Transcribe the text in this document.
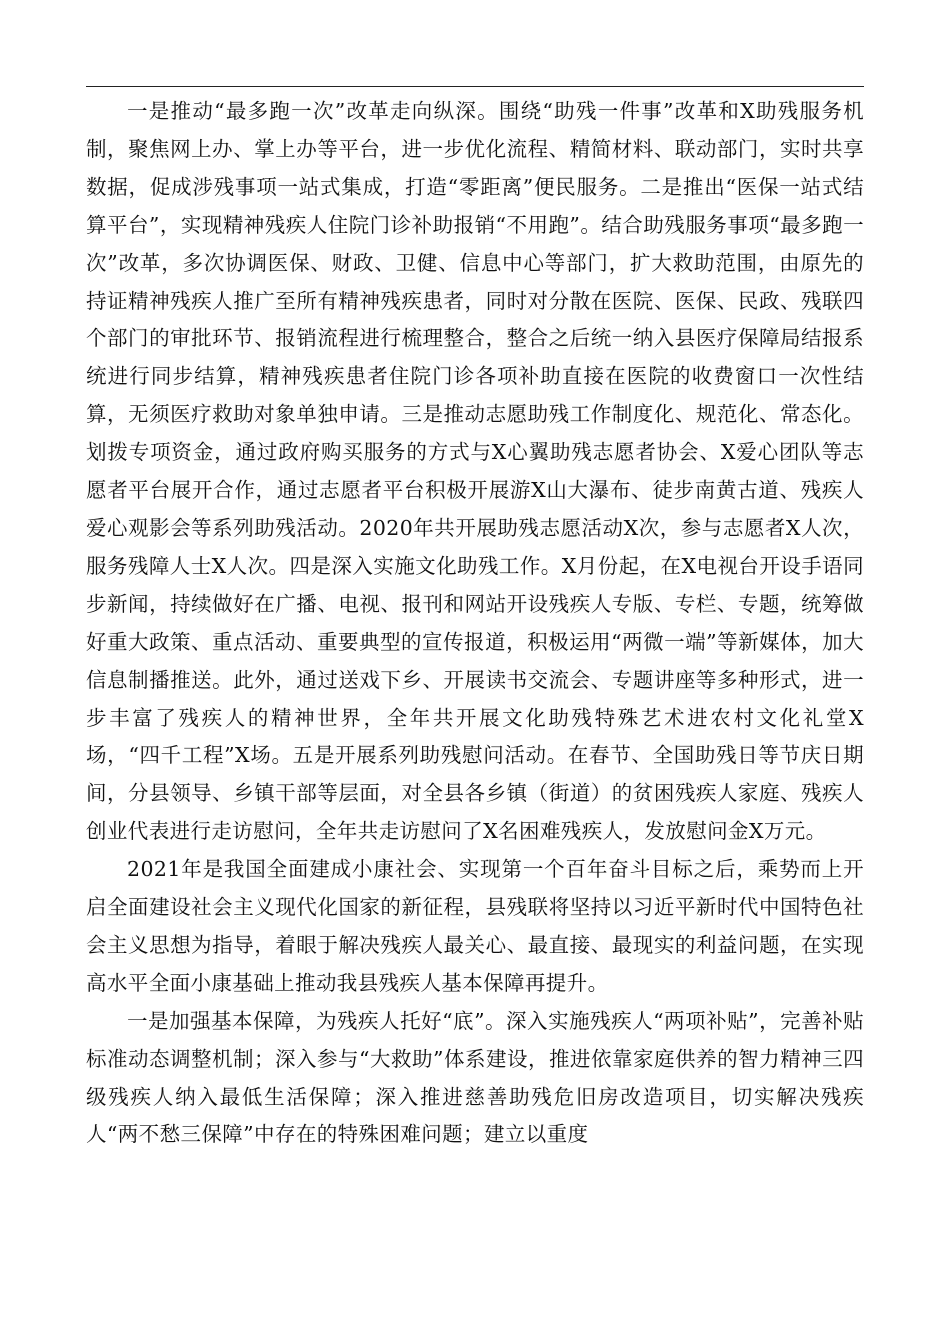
一是推动“最多跑一次”改革走向纵深。围绕“助残一件事”改革和X助残服务机制，聚焦网上办、掌上办等平台，进一步优化流程、精简材料、联动部门，实时共享数据，促成涉残事项一站式集成，打造“零距离”便民服务。二是推出“医保一站式结算平台”，实现精神残疾人住院门诊补助报销“不用跑”。结合助残服务事项“最多跑一次”改革，多次协调医保、财政、卫健、信息中心等部门，扩大救助范围，由原先的持证精神残疾人推广至所有精神残疾患者，同时对分散在医院、医保、民政、残联四个部门的审批环节、报销流程进行梳理整合，整合之后统一纳入县医疗保障局结报系统进行同步结算，精神残疾患者住院门诊各项补助直接在医院的收费窗口一次性结算，无须医疗救助对象单独申请。三是推动志愿助残工作制度化、规范化、常态化。划拨专项资金，通过政府购买服务的方式与X心翼助残志愿者协会、X爱心团队等志愿者平台展开合作，通过志愿者平台积极开展游X山大瀑布、徒步南黄古道、残疾人爱心观影会等系列助残活动。2020年共开展助残志愿活动X次，参与志愿者X人次，服务残障人士X人次。四是深入实施文化助残工作。X月份起，在X电视台开设手语同步新闻，持续做好在广播、电视、报刊和网站开设残疾人专版、专栏、专题，统筹做好重大政策、重点活动、重要典型的宣传报道，积极运用“两微一端”等新媒体，加大信息制播推送。此外，通过送戏下乡、开展读书交流会、专题讲座等多种形式，进一步丰富了残疾人的精神世界，全年共开展文化助残特殊艺术进农村文化礼堂X场，“四千工程”X场。五是开展系列助残慰问活动。在春节、全国助残日等节庆日期间，分县领导、乡镇干部等层面，对全县各乡镇（街道）的贫困残疾人家庭、残疾人创业代表进行走访慰问，全年共走访慰问了X名困难残疾人，发放慰问金X万元。

2021年是我国全面建成小康社会、实现第一个百年奋斗目标之后，乘势而上开启全面建设社会主义现代化国家的新征程，县残联将坚持以习近平新时代中国特色社会主义思想为指导，着眼于解决残疾人最关心、最直接、最现实的利益问题，在实现高水平全面小康基础上推动我县残疾人基本保障再提升。

一是加强基本保障，为残疾人托好“底”。深入实施残疾人“两项补贴”，完善补贴标准动态调整机制；深入参与“大救助”体系建设，推进依靠家庭供养的智力精神三四级残疾人纳入最低生活保障；深入推进慈善助残危旧房改造项目，切实解决残疾人“两不愁三保障”中存在的特殊困难问题；建立以重度
